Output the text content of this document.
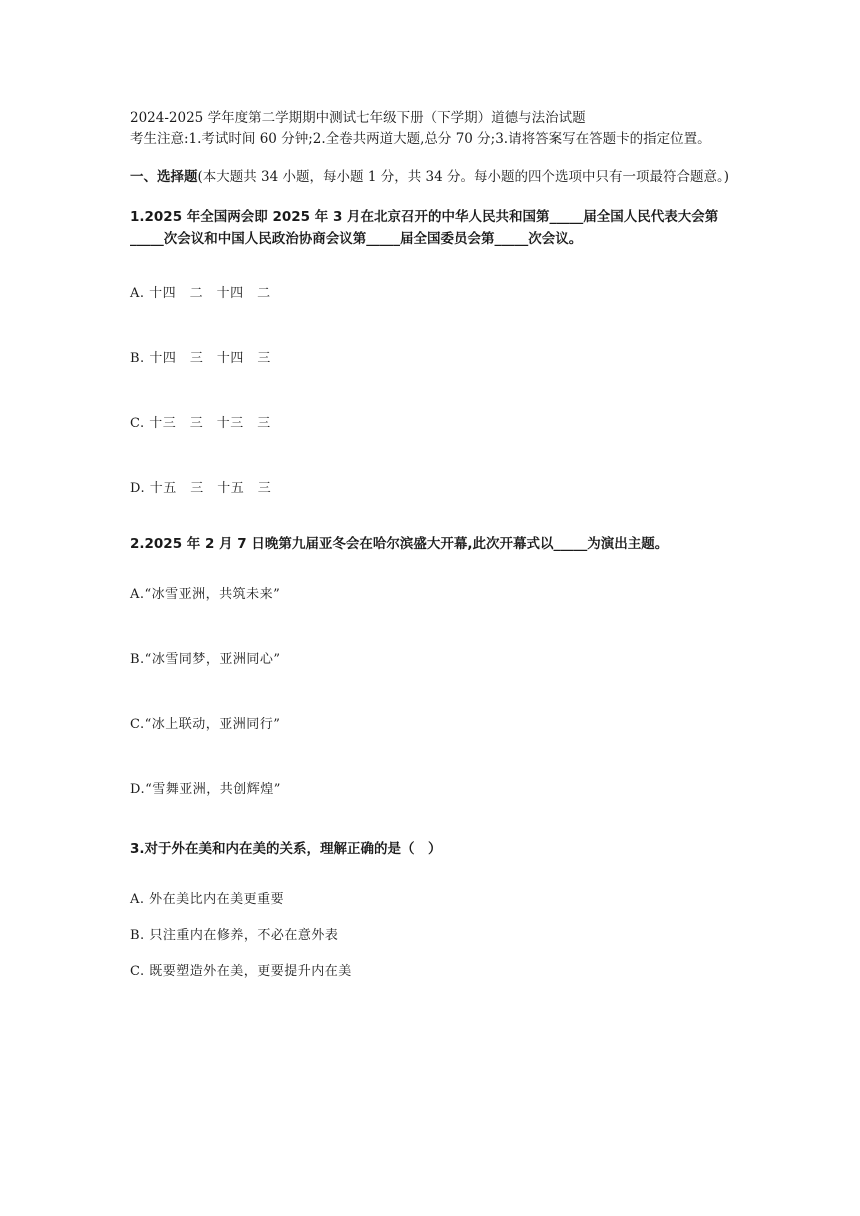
2024-2025 学年度第二学期期中测试七年级下册（下学期）道德与法治试题

考生注意:1.考试时间 60 分钟;2.全卷共两道大题,总分 70 分;3.请将答案写在答题卡的指定位置。

一、选择题(本大题共 34 小题，每小题 1 分，共 34 分。每小题的四个选项中只有一项最符合题意。)
1.2025 年全国两会即 2025 年 3 月在北京召开的中华人民共和国第_____届全国人民代表大会第_____次会议和中国人民政治协商会议第_____届全国委员会第_____次会议。
A. 十四　二　十四　二
B. 十四　三　十四　三
C. 十三　三　十三　三
D. 十五　三　十五　三
2.2025 年 2 月 7 日晚第九届亚冬会在哈尔滨盛大开幕,此次开幕式以_____为演出主题。
A.“冰雪亚洲，共筑未来”
B.“冰雪同梦，亚洲同心”
C.“冰上联动，亚洲同行”
D.“雪舞亚洲，共创辉煌”
3.对于外在美和内在美的关系，理解正确的是（　）
A. 外在美比内在美更重要
B. 只注重内在修养，不必在意外表
C. 既要塑造外在美，更要提升内在美
